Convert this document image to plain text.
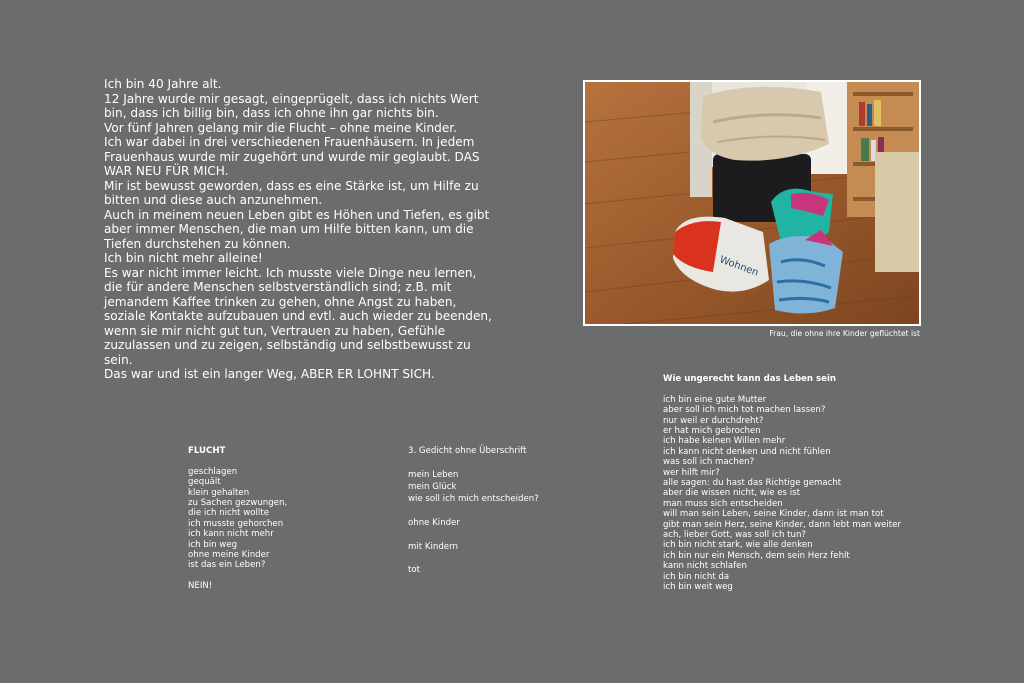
Ich bin 40 Jahre alt.

12 Jahre wurde mir gesagt, eingeprügelt, dass ich nichts Wert

bin, dass ich billig bin, dass ich ohne ihn gar nichts bin.

Vor fünf Jahren gelang mir die Flucht – ohne meine Kinder.

Ich war dabei in drei verschiedenen Frauenhäusern. In jedem

Frauenhaus wurde mir zugehört und wurde mir geglaubt. DAS

WAR NEU FÜR MICH.

Mir ist bewusst geworden, dass es eine Stärke ist, um Hilfe zu

bitten und diese auch anzunehmen.

Auch in meinem neuen Leben gibt es Höhen und Tiefen, es gibt

aber immer Menschen, die man um Hilfe bitten kann, um die

Tiefen durchstehen zu können.

Ich bin nicht mehr alleine!

Es war nicht immer leicht. Ich musste viele Dinge neu lernen,

die für andere Menschen selbstverständlich sind; z.B. mit

jemandem Kaffee trinken zu gehen, ohne Angst zu haben,

soziale Kontakte aufzubauen und evtl. auch wieder zu beenden,

wenn sie mir nicht gut tun, Vertrauen zu haben, Gefühle

zuzulassen und zu zeigen, selbständig und selbstbewusst zu

sein.

Das war und ist ein langer Weg, ABER ER LOHNT SICH.

Wohnen
Frau, die ohne ihre Kinder geflüchtet ist
FLUCHT
geschlagen
gequält
klein gehalten
zu Sachen gezwungen,
die ich nicht wollte
ich musste gehorchen
ich kann nicht mehr
ich bin weg
ohne meine Kinder
ist das ein Leben?
NEIN!
3. Gedicht ohne Überschrift
mein Leben
mein Glück
wie soll ich mich entscheiden?
ohne Kinder
mit Kindern
tot
Wie ungerecht kann das Leben sein
ich bin eine gute Mutter
aber soll ich mich tot machen lassen?
nur weil er durchdreht?
er hat mich gebrochen
ich habe keinen Willen mehr
ich kann nicht denken und nicht fühlen
was soll ich machen?
wer hilft mir?
alle sagen: du hast das Richtige gemacht
aber die wissen nicht, wie es ist
man muss sich entscheiden
will man sein Leben, seine Kinder, dann ist man tot
gibt man sein Herz, seine Kinder, dann lebt man weiter
ach, lieber Gott, was soll ich tun?
ich bin nicht stark, wie alle denken
ich bin nur ein Mensch, dem sein Herz fehlt
kann nicht schlafen
ich bin nicht da
ich bin weit weg
